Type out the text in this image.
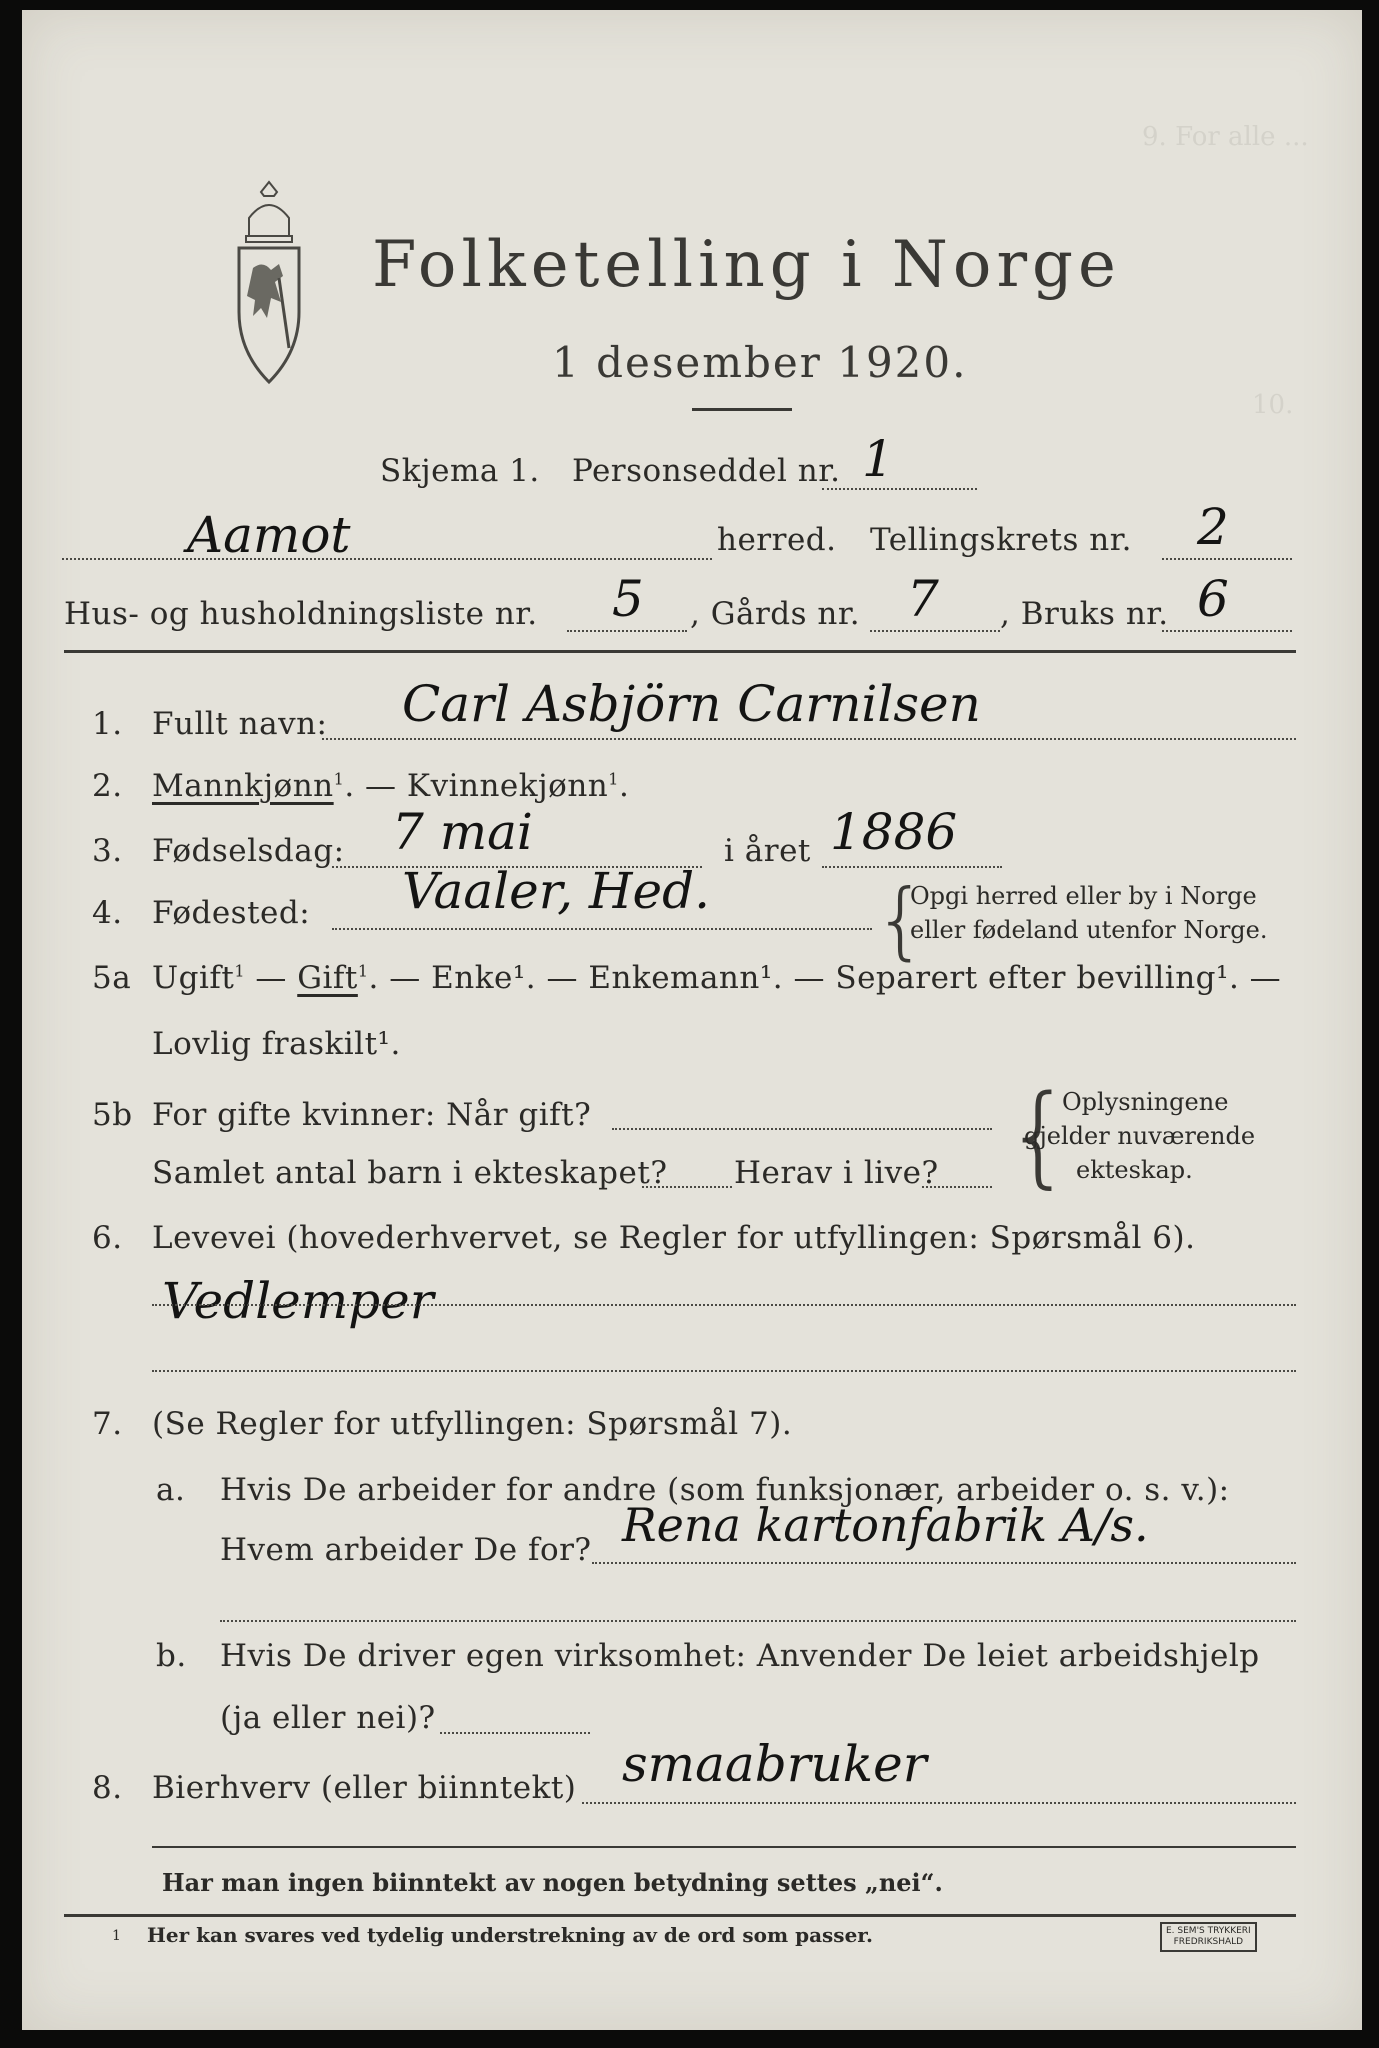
9. For alle ...
10.
Folketelling i Norge
1 desember 1920.
Skjema 1. Personseddel nr. 1
Aamot	herred. Tellingskrets nr. 2
Hus- og husholdningsliste nr. 5 , Gårds nr. 7 , Bruks nr. 6
1. Fullt navn: Carl Asbjörn Carnilsen
2. Mannkjønn$^1$. — Kvinnekjønn$^1$.
3. Fødselsdag: 7 mai	i året 1886
4. Fødested: Vaaler, Hed. {
Opgi herred eller by i Norge
eller fødeland utenfor Norge.
5a Ugift$^1$ — Gift$^1$. — Enke¹. — Enkemann¹. — Separert efter bevilling¹. —
Lovlig fraskilt¹.
5b For gifte kvinner: Når gift?
Samlet antal barn i ekteskapet? Herav i live? {
Oplysningene
gjelder nuværende
ekteskap.
6. Levevei (hovederhvervet, se Regler for utfyllingen: Spørsmål 6).
Vedlemper
7. (Se Regler for utfyllingen: Spørsmål 7).
a. Hvis De arbeider for andre (som funksjonær, arbeider o. s. v.):
Hvem arbeider De for? Rena kartonfabrik A/s.
b. Hvis De driver egen virksomhet: Anvender De leiet arbeidshjelp
(ja eller nei)?
8. Bierhverv (eller biinntekt) smaabruker
Har man ingen biinntekt av nogen betydning settes „nei“.
1 Her kan svares ved tydelig understrekning av de ord som passer.	E. SEM'S TRYKKERI
FREDRIKSHALD
